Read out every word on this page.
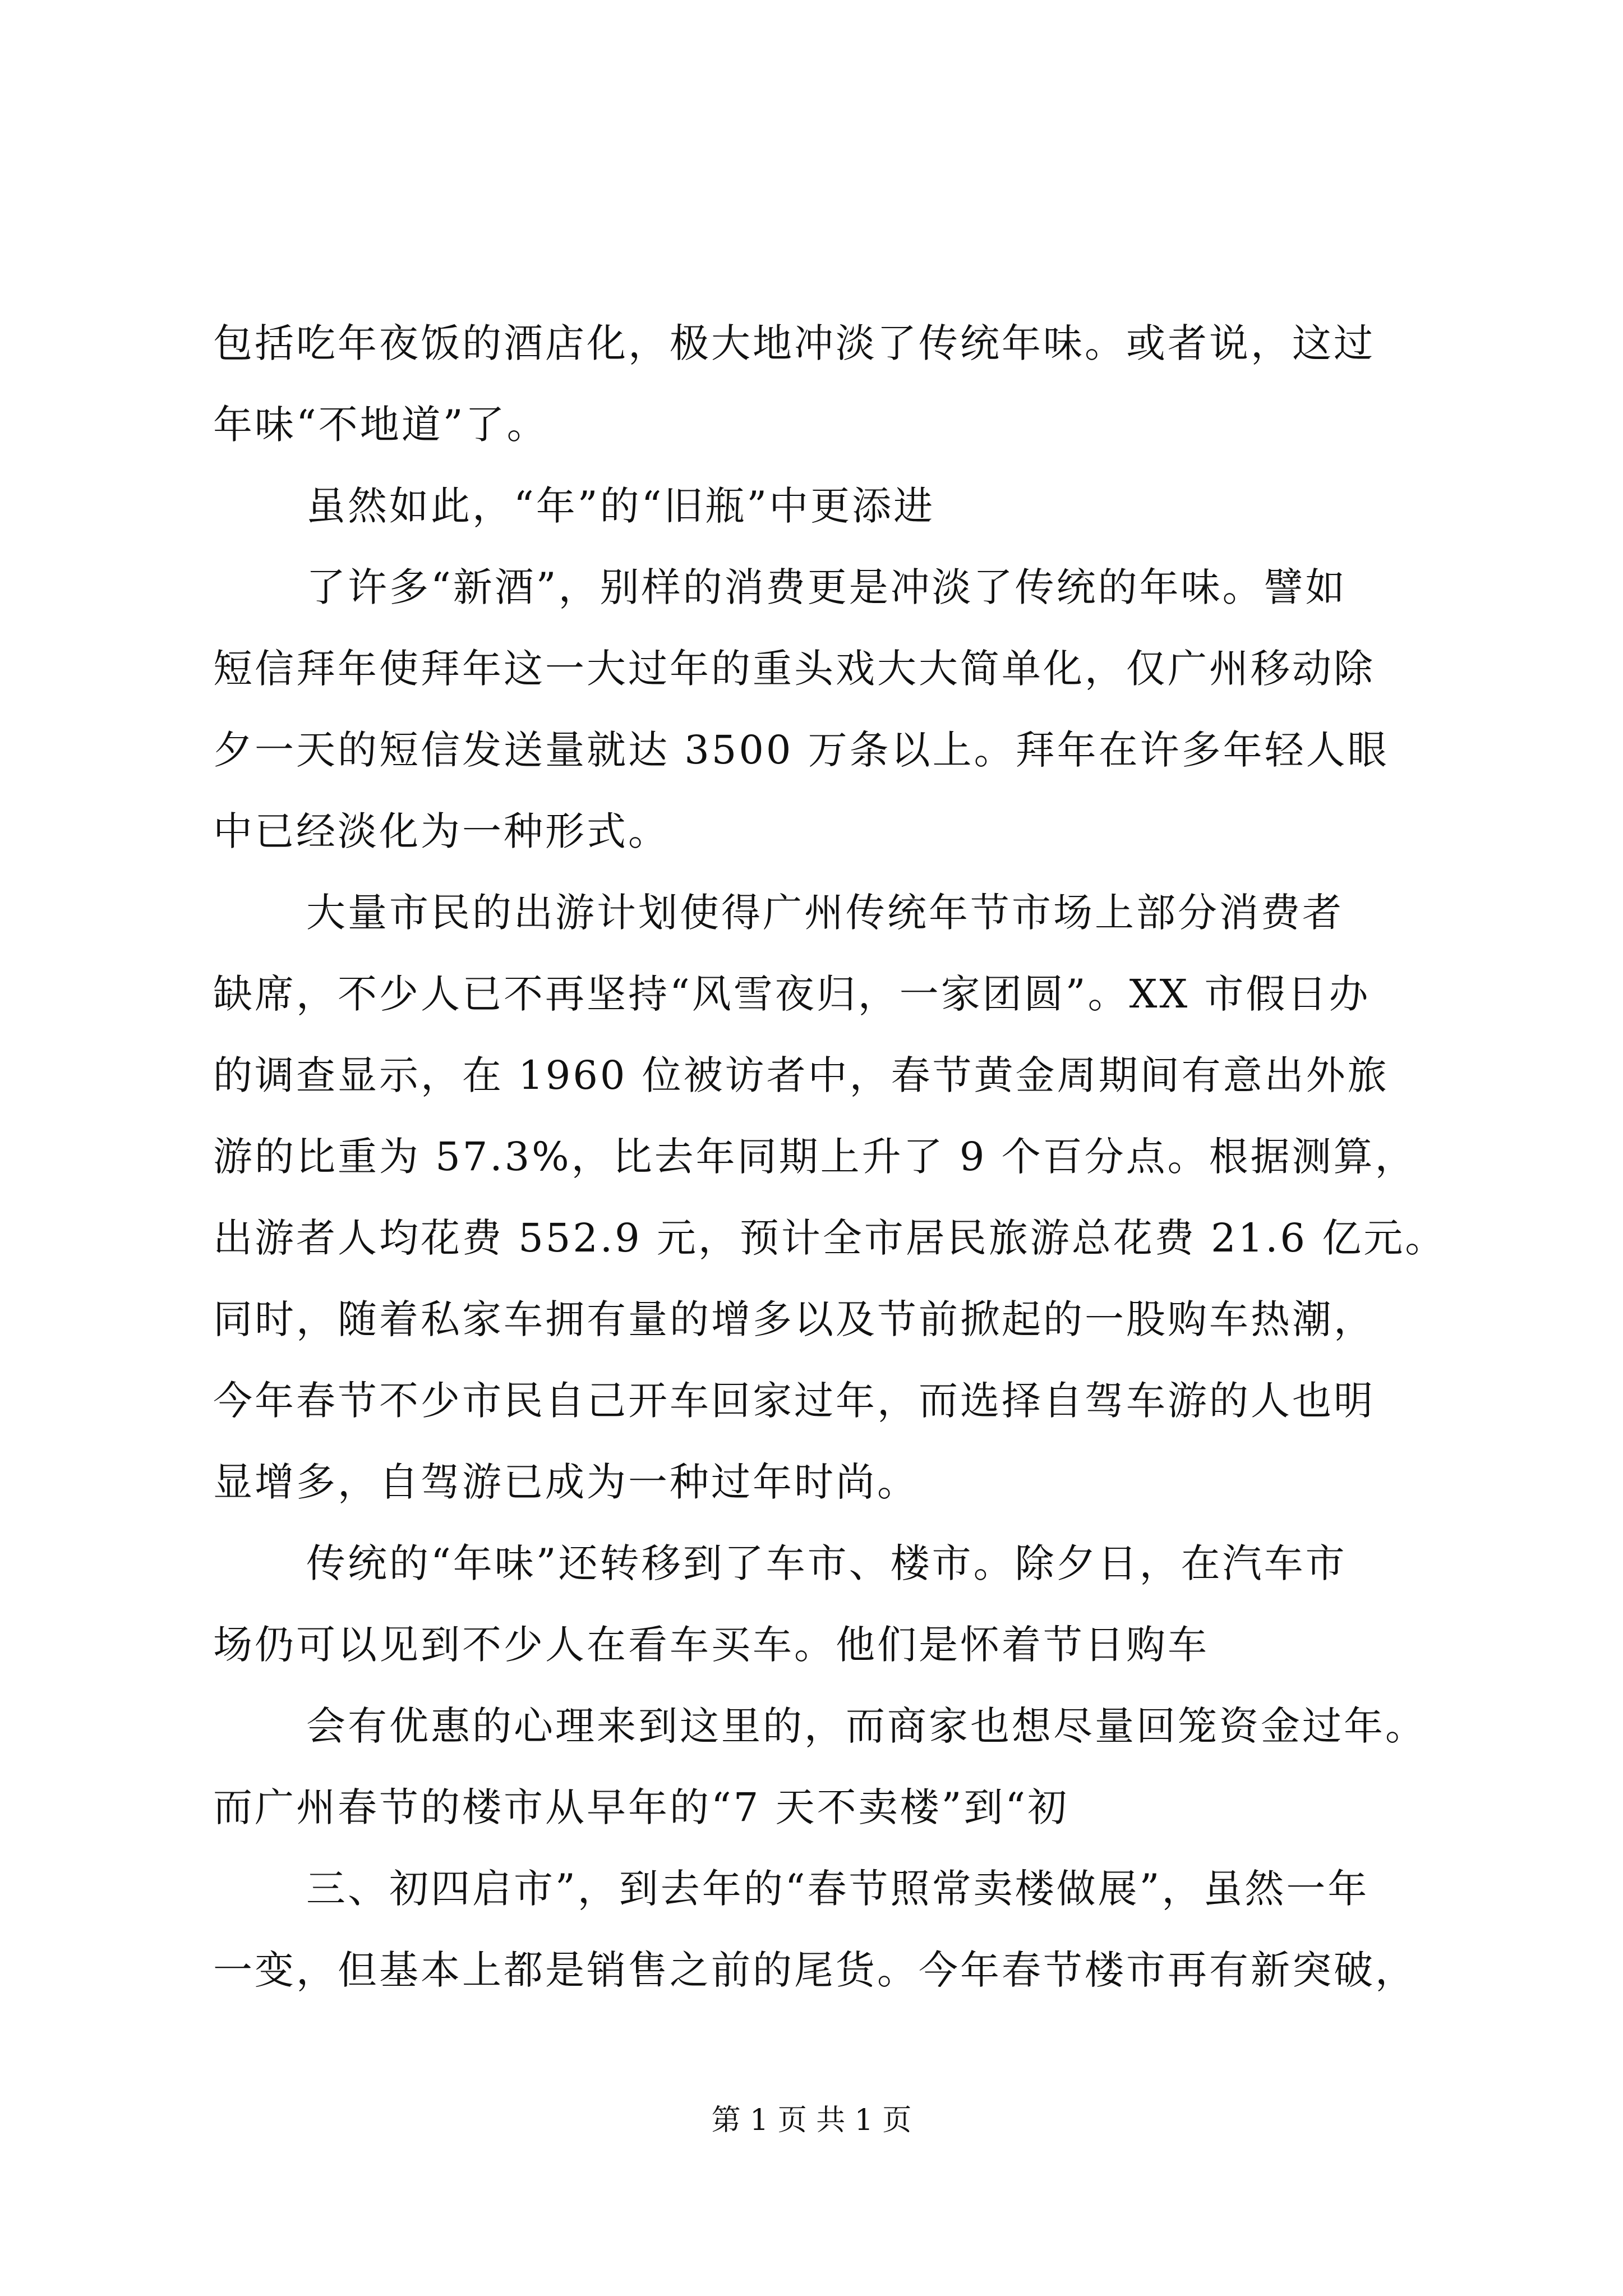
包括吃年夜饭的酒店化，极大地冲淡了传统年味。或者说，这过
年味“不地道”了。
虽然如此，“年”的“旧瓶”中更添进
了许多“新酒”，别样的消费更是冲淡了传统的年味。譬如
短信拜年使拜年这一大过年的重头戏大大简单化，仅广州移动除
夕一天的短信发送量就达 3500 万条以上。拜年在许多年轻人眼
中已经淡化为一种形式。
大量市民的出游计划使得广州传统年节市场上部分消费者
缺席，不少人已不再坚持“风雪夜归，一家团圆”。XX 市假日办
的调查显示，在 1960 位被访者中，春节黄金周期间有意出外旅
游的比重为 57.3%，比去年同期上升了 9 个百分点。根据测算，
出游者人均花费 552.9 元，预计全市居民旅游总花费 21.6 亿元。
同时，随着私家车拥有量的增多以及节前掀起的一股购车热潮，
今年春节不少市民自己开车回家过年，而选择自驾车游的人也明
显增多，自驾游已成为一种过年时尚。
传统的“年味”还转移到了车市、楼市。除夕日，在汽车市
场仍可以见到不少人在看车买车。他们是怀着节日购车
会有优惠的心理来到这里的，而商家也想尽量回笼资金过年。
而广州春节的楼市从早年的“7 天不卖楼”到“初
三、初四启市”，到去年的“春节照常卖楼做展”，虽然一年
一变，但基本上都是销售之前的尾货。今年春节楼市再有新突破，
第 1 页 共 1 页
